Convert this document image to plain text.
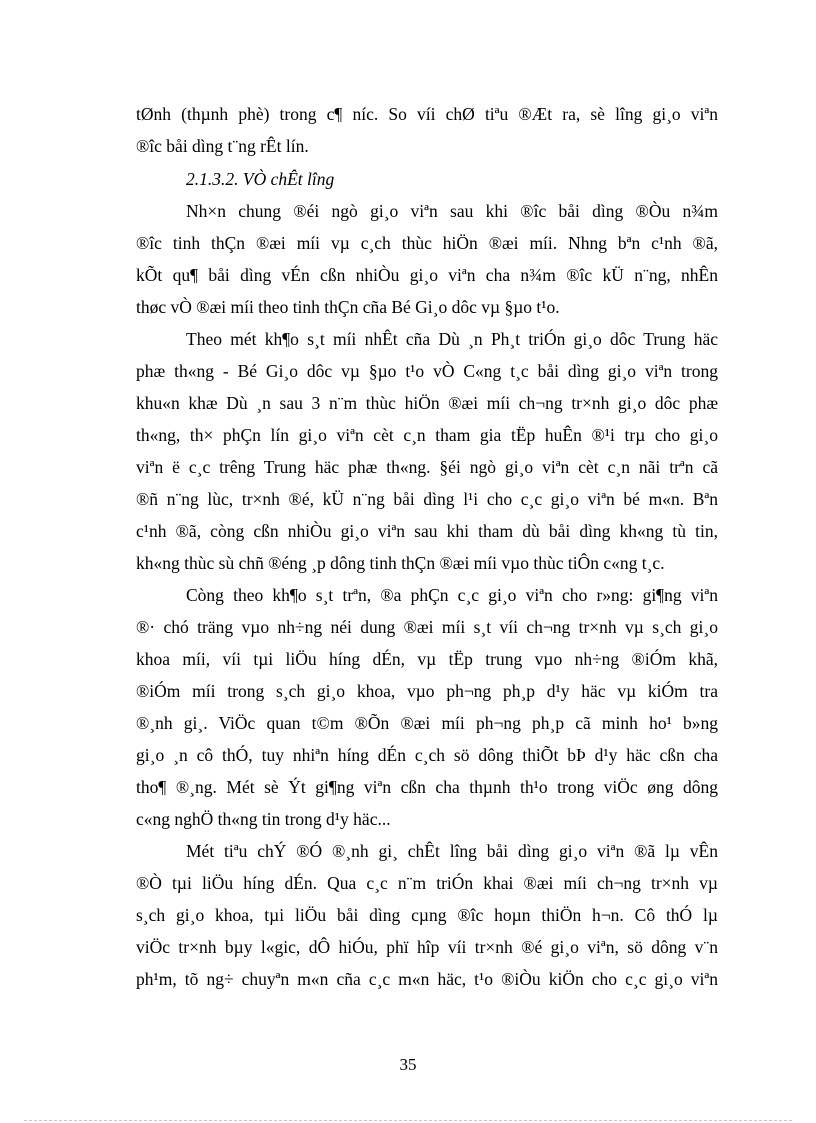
tØnh (thµnh phè) trong c¶ níc. So víi chØ tiªu ®Æt ra, sè lîng gi¸o viªn
®îc båi dìng t¨ng rÊt lín.
2.1.3.2. VÒ chÊt lîng
Nh×n chung ®éi ngò gi¸o viªn sau khi ®îc båi dìng ®Òu n¾m
®îc tinh thÇn ®æi míi vµ c¸ch thùc hiÖn ®æi míi. Nhng bªn c¹nh ®ã,
kÕt qu¶ båi dìng vÉn cßn nhiÒu gi¸o viªn cha n¾m ®îc kÜ n¨ng, nhÊn
thøc vÒ ®æi míi theo tinh thÇn cña Bé Gi¸o dôc vµ §µo t¹o.
Theo mét kh¶o s¸t míi nhÊt cña Dù ¸n Ph¸t triÓn gi¸o dôc Trung häc
phæ th«ng - Bé Gi¸o dôc vµ §µo t¹o vÒ C«ng t¸c båi dìng gi¸o viªn trong
khu«n khæ Dù ¸n sau 3 n¨m thùc hiÖn ®æi míi ch¬ng tr×nh gi¸o dôc phæ
th«ng, th× phÇn lín gi¸o viªn cèt c¸n tham gia tËp huÊn ®¹i trµ cho gi¸o
viªn ë c¸c trêng Trung häc phæ th«ng. §éi ngò gi¸o viªn cèt c¸n nãi trªn cã
®ñ n¨ng lùc, tr×nh ®é, kÜ n¨ng båi dìng l¹i cho c¸c gi¸o viªn bé m«n. Bªn
c¹nh ®ã, còng cßn nhiÒu gi¸o viªn sau khi tham dù båi dìng kh«ng tù tin,
kh«ng thùc sù chñ ®éng ¸p dông tinh thÇn ®æi míi vµo thùc tiÔn c«ng t¸c.
Còng theo kh¶o s¸t trªn, ®a phÇn c¸c gi¸o viªn cho r»ng: gi¶ng viªn
®· chó träng vµo nh÷ng néi dung ®æi míi s¸t víi ch¬ng tr×nh vµ s¸ch gi¸o
khoa míi, víi tµi liÖu híng dÉn, vµ tËp trung vµo nh÷ng ®iÓm khã,
®iÓm míi trong s¸ch gi¸o khoa, vµo ph¬ng ph¸p d¹y häc vµ kiÓm tra
®¸nh gi¸. ViÖc quan t©m ®Õn ®æi míi ph¬ng ph¸p cã minh ho¹ b»ng
gi¸o ¸n cô thÓ, tuy nhiªn híng dÉn c¸ch sö dông thiÕt bÞ d¹y häc cßn cha
tho¶ ®¸ng. Mét sè Ýt gi¶ng viªn cßn cha thµnh th¹o trong viÖc øng dông
c«ng nghÖ th«ng tin trong d¹y häc...
Mét tiªu chÝ ®Ó ®¸nh gi¸ chÊt lîng båi dìng gi¸o viªn ®ã lµ vÊn
®Ò tµi liÖu híng dÉn. Qua c¸c n¨m triÓn khai ®æi míi ch¬ng tr×nh vµ
s¸ch gi¸o khoa, tµi liÖu båi dìng cµng ®îc hoµn thiÖn h¬n. Cô thÓ lµ
viÖc tr×nh bµy l«gic, dÔ hiÓu, phï hîp víi tr×nh ®é gi¸o viªn, sö dông v¨n
ph¹m, tõ ng÷ chuyªn m«n cña c¸c m«n häc, t¹o ®iÒu kiÖn cho c¸c gi¸o viªn
35
